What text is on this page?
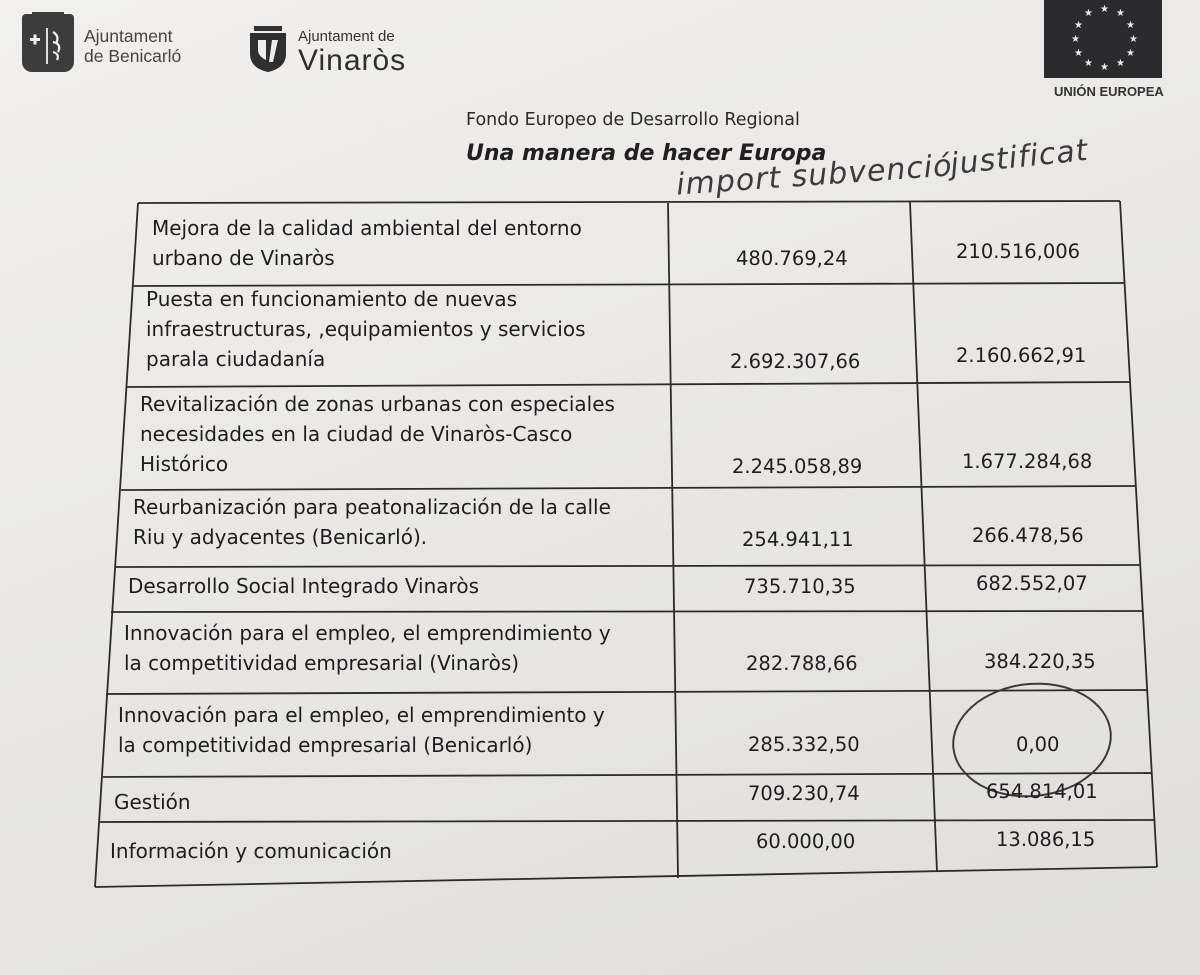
Ajuntament
de Benicarló
Ajuntament de
Vinaròs
★ ★
★
★
★
★
★
★
★
★
★
★
UNIÓN EUROPEA
Fondo Europeo de Desarrollo Regional
Una manera de hacer Europa
import subvenció
justificat
Mejora de la calidad ambiental del entorno
urbano de Vinaròs	480.769,24	210.516,006
Puesta en funcionamiento de nuevas
infraestructuras, ,equipamientos y servicios
parala ciudadanía	2.692.307,66	2.160.662,91
Revitalización de zonas urbanas con especiales
necesidades en la ciudad de Vinaròs-Casco
Histórico	2.245.058,89	1.677.284,68
Reurbanización para peatonalización de la calle
Riu y adyacentes (Benicarló).	254.941,11	266.478,56
Desarrollo Social Integrado Vinaròs	735.710,35	682.552,07
Innovación para el empleo, el emprendimiento y
la competitividad empresarial (Vinaròs)	282.788,66	384.220,35
Innovación para el empleo, el emprendimiento y
la competitividad empresarial (Benicarló)	285.332,50	0,00
Gestión	709.230,74	654.814,01
Información y comunicación	60.000,00	13.086,15
